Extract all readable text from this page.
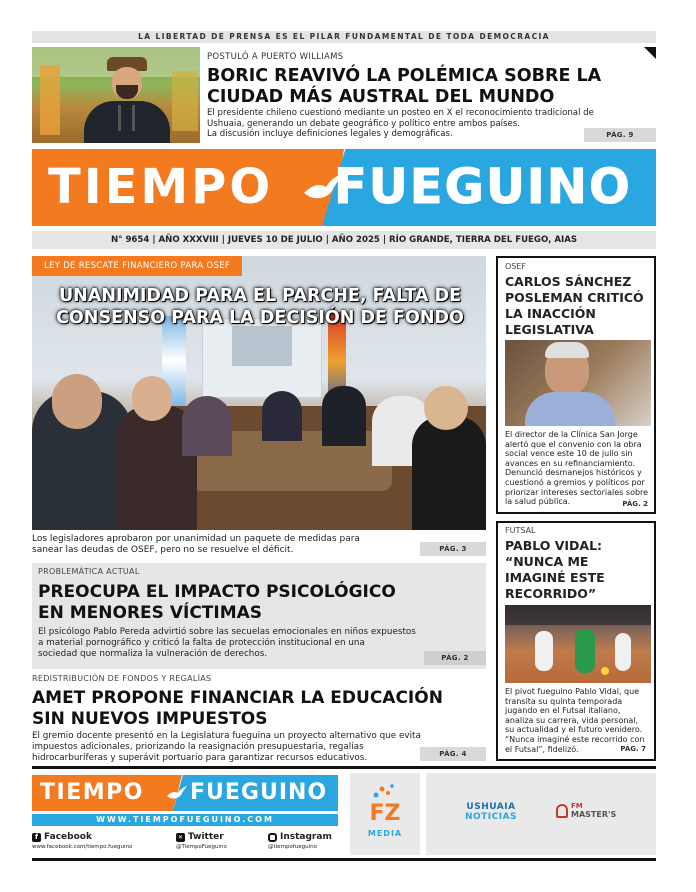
LA LIBERTAD DE PRENSA ES EL PILAR FUNDAMENTAL DE TODA DEMOCRACIA
POSTULÓ A PUERTO WILLIAMS
BORIC REAVIVÓ LA POLÉMICA SOBRE LA
CIUDAD MÁS AUSTRAL DEL MUNDO
El presidente chileno cuestionó mediante un posteo en X el reconocimiento tradicional de
Ushuaia, generando un debate geográfico y político entre ambos países.
La discusión incluye definiciones legales y demográficas.	PÁG. 9
TIEMPO FUEGUINO
N° 9654 | AÑO XXXVIII | JUEVES 10 DE JULIO | AÑO 2025 | RÍO GRANDE, TIERRA DEL FUEGO, AIAS
LEY DE RESCATE FINANCIERO PARA OSEF
UNANIMIDAD PARA EL PARCHE, FALTA DE
CONSENSO PARA LA DECISIÓN DE FONDO
Los legisladores aprobaron por unanimidad un paquete de medidas para
sanear las deudas de OSEF, pero no se resuelve el déficit.	PÁG. 3
OSEF
CARLOS SÁNCHEZ
POSLEMAN CRITICÓ
LA INACCIÓN
LEGISLATIVA
El director de la Clínica San Jorge
alertó que el convenio con la obra
social vence este 10 de julio sin
avances en su refinanciamiento.
Denunció desmanejos históricos y
cuestionó a gremios y políticos por
priorizar intereses sectoriales sobre
la salud pública.	PÁG. 2
FUTSAL
PABLO VIDAL:
“NUNCA ME
IMAGINÉ ESTE
RECORRIDO”
El pivot fueguino Pablo Vidal, que
transita su quinta temporada
jugando en el Futsal italiano,
analiza su carrera, vida personal,
su actualidad y el futuro venidero.
“Nunca imaginé este recorrido con
el Futsal”, fidelizó.	PÁG. 7
PROBLEMÁTICA ACTUAL
PREOCUPA EL IMPACTO PSICOLÓGICO
EN MENORES VÍCTIMAS
El psicólogo Pablo Pereda advirtió sobre las secuelas emocionales en niños expuestos
a material pornográfico y criticó la falta de protección institucional en una
sociedad que normaliza la vulneración de derechos.	PÁG. 2
REDISTRIBUCIÓN DE FONDOS Y REGALÍAS
AMET PROPONE FINANCIAR LA EDUCACIÓN
SIN NUEVOS IMPUESTOS
El gremio docente presentó en la Legislatura fueguina un proyecto alternativo que evita
impuestos adicionales, priorizando la reasignación presupuestaria, regalías
hidrocarburíferas y superávit portuario para garantizar recursos educativos.	PÁG. 4
TIEMPO FUEGUINO
WWW.TIEMPOFUEGUINO.COM
f Facebook
www.facebook.com/tiempo.fueguino
✕ Twitter
@TiempoFueguino
Instagram
@tiempofueguino
FZ
MEDIA
USHUAIA
NOTICIAS
FM
MASTER'S
